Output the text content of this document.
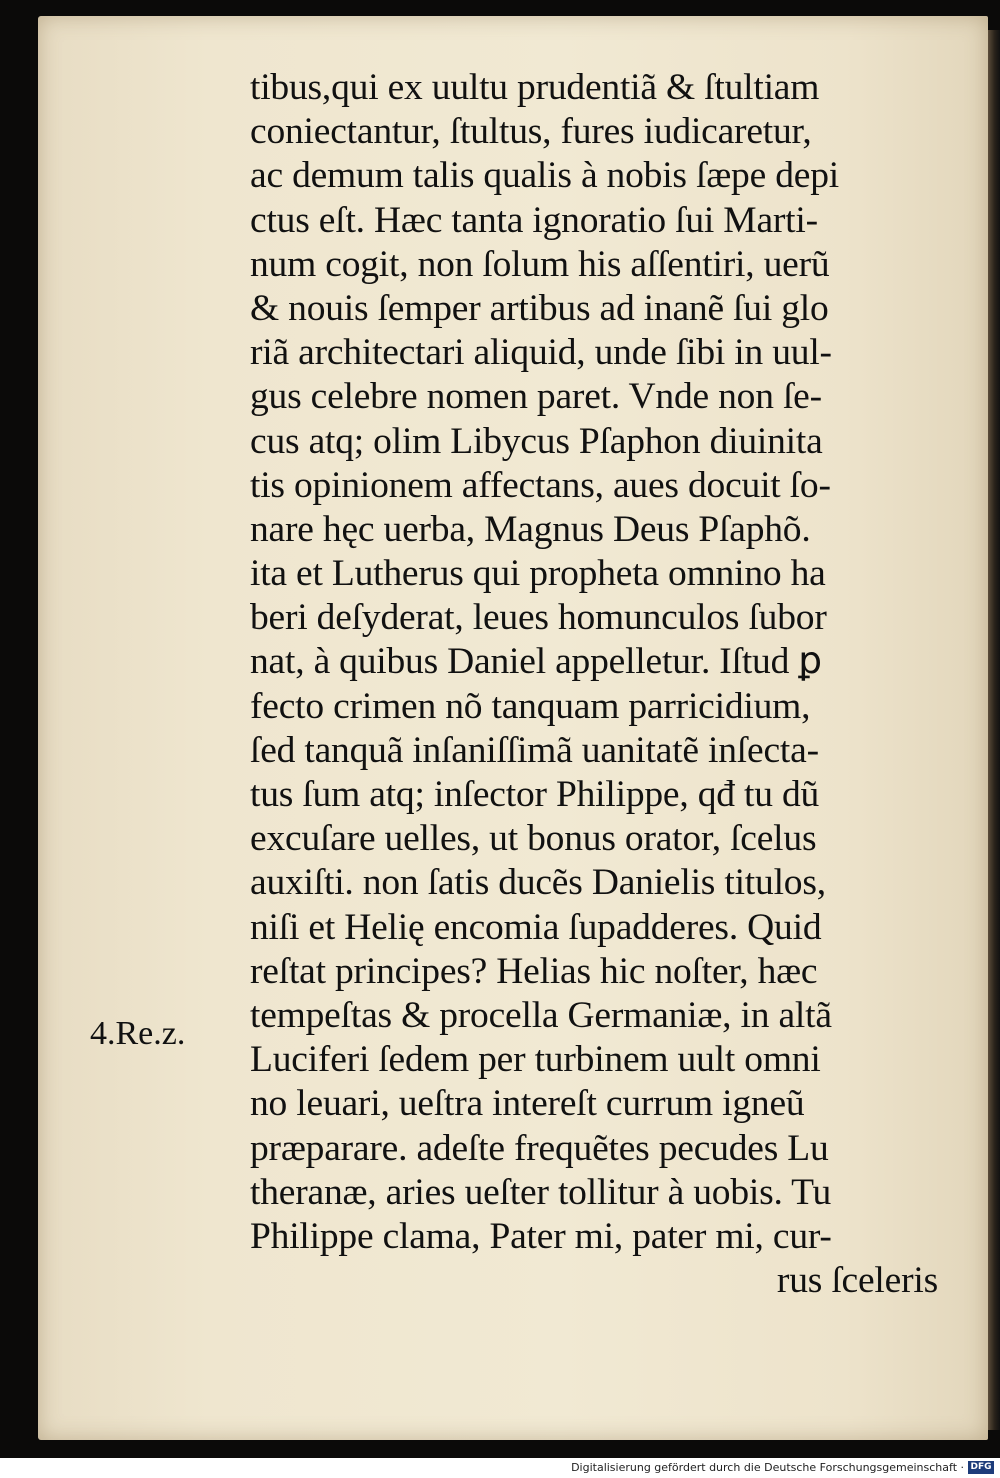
tibus,qui ex uultu prudentiã & ſtultiam
coniectantur, ſtultus, fures iudicaretur,
ac demum talis qualis à nobis ſæpe depi
ctus eſt. Hæc tanta ignoratio ſui Marti-
num cogit, non ſolum his aſſentiri, uerũ
& nouis ſemper artibus ad inanẽ ſui glo
riã architectari aliquid, unde ſibi in uul-
gus celebre nomen paret. Vnde non ſe-
cus atq; olim Libycus Pſaphon diuinita
tis opinionem affectans, aues docuit ſo-
nare hęc uerba, Magnus Deus Pſaphõ.
ita et Lutherus qui propheta omnino ha
beri deſyderat, leues homunculos ſubor
nat, à quibus Daniel appelletur. Iſtud ꝑ
fecto crimen nõ tanquam parricidium,
ſed tanquã inſaniſſimã uanitatẽ inſecta-
tus ſum atq; inſector Philippe, qđ tu dũ
excuſare uelles, ut bonus orator, ſcelus
auxiſti. non ſatis ducẽs Danielis titulos,
niſi et Helię encomia ſupadderes. Quid
reſtat principes? Helias hic noſter, hæc
tempeſtas & procella Germaniæ, in altã
Luciferi ſedem per turbinem uult omni
no leuari, ueſtra intereſt currum igneũ
præparare. adeſte frequẽtes pecudes Lu
theranæ, aries ueſter tollitur à uobis. Tu
Philippe clama, Pater mi, pater mi, cur-
rus ſceleris
4.Re.z.
Digitalisierung gefördert durch die Deutsche Forschungsgemeinschaft · DFG
